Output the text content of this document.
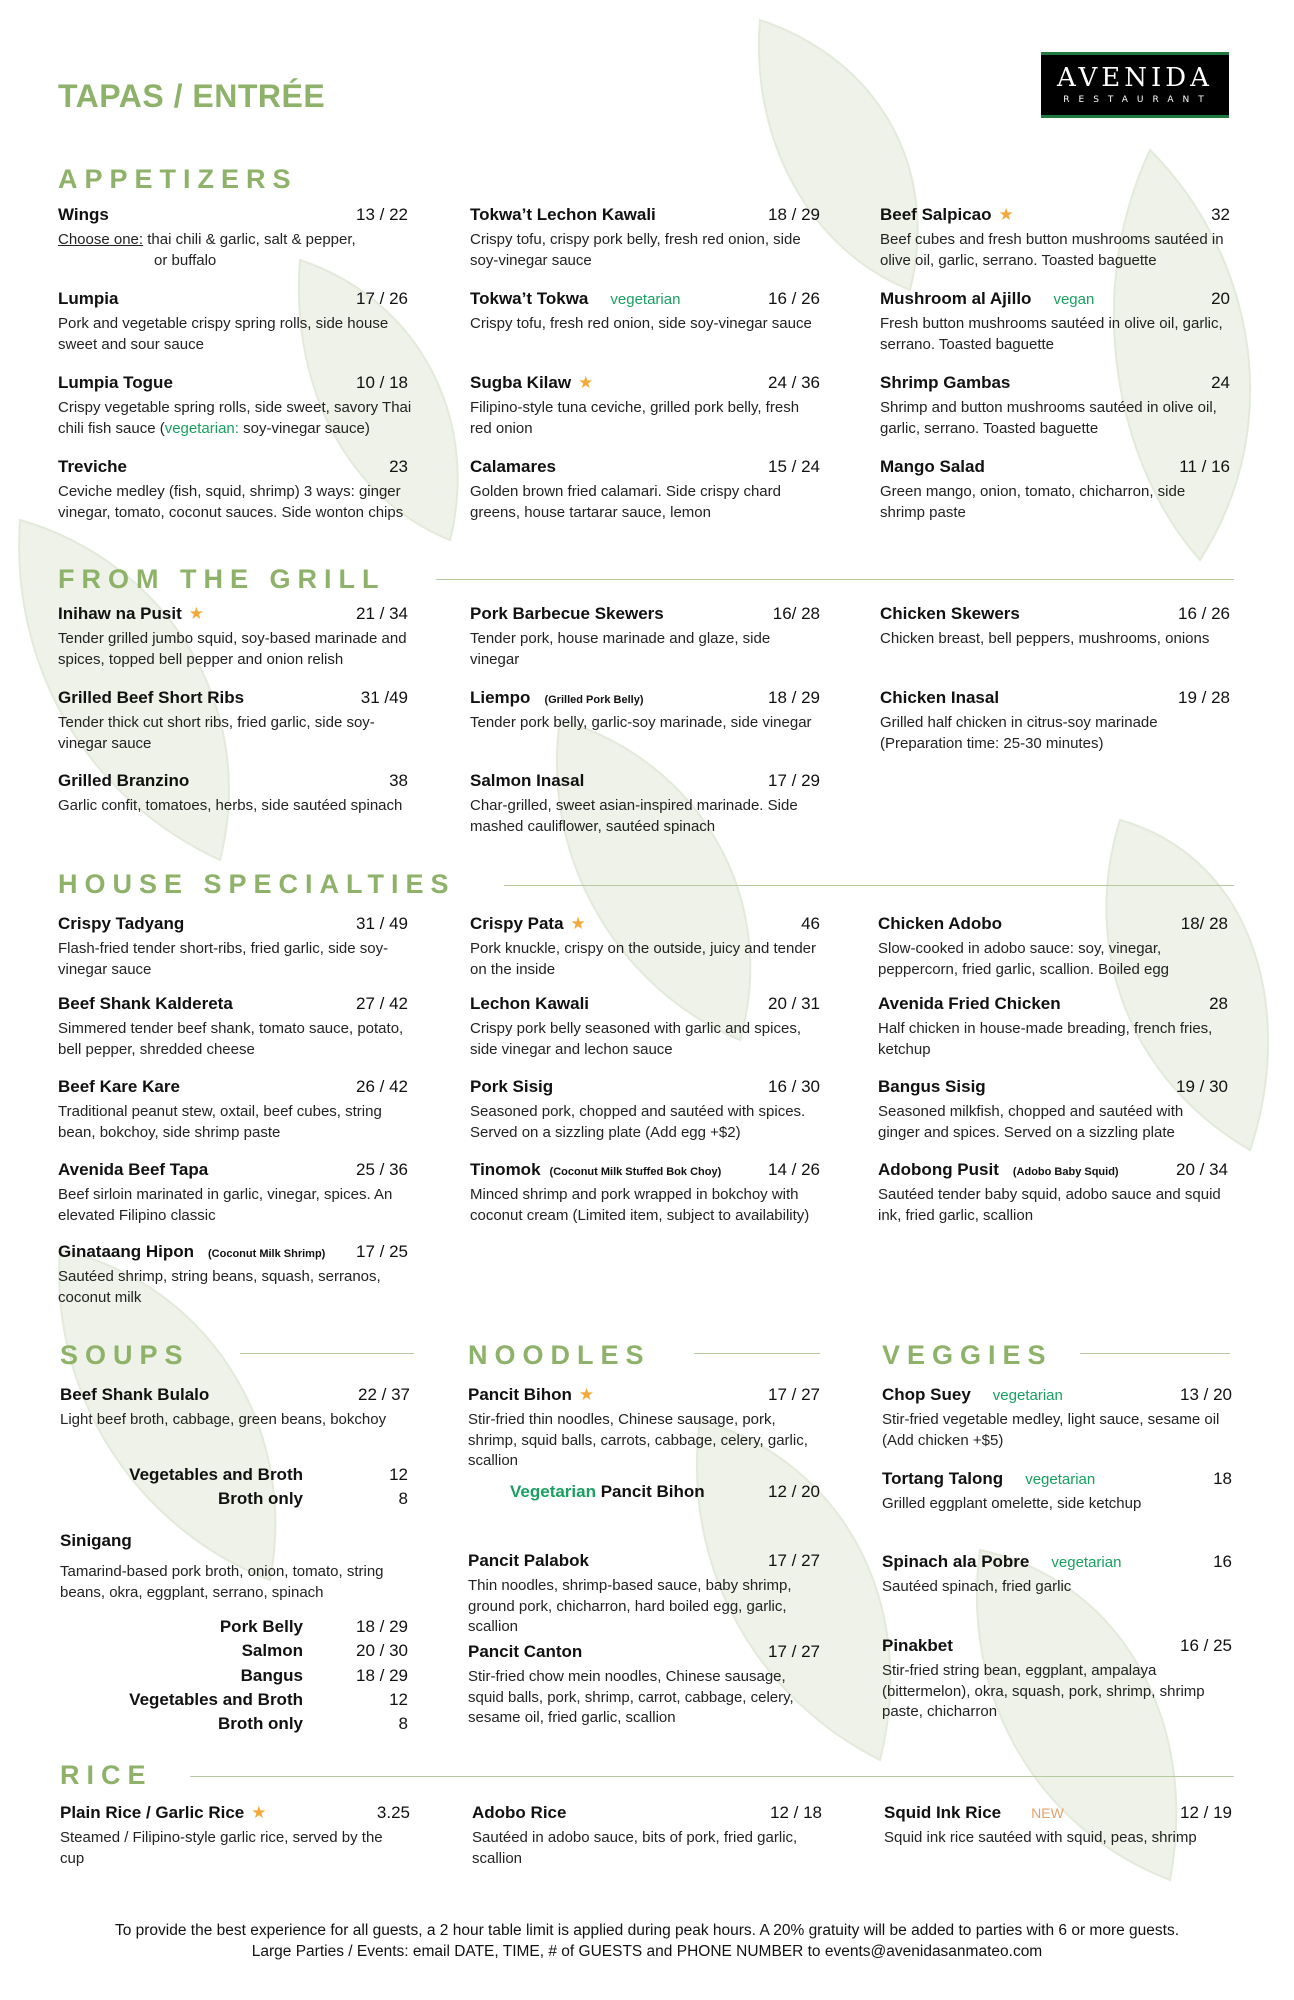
TAPAS / ENTRÉE	AVENIDA
RESTAURANT
APPETIZERS
Wings	13 / 22
Choose one: thai chili & garlic, salt & pepper,
or buffalo
Lumpia	17 / 26
Pork and vegetable crispy spring rolls, side house sweet and sour sauce
Lumpia Togue	10 / 18
Crispy vegetable spring rolls, side sweet, savory Thai chili fish sauce (vegetarian: soy-vinegar sauce)
Treviche	23
Ceviche medley (fish, squid, shrimp) 3 ways: ginger vinegar, tomato, coconut sauces. Side wonton chips
Tokwa’t Lechon Kawali	18 / 29
Crispy tofu, crispy pork belly, fresh red onion, side soy-vinegar sauce
Tokwa’t Tokwa vegetarian	16 / 26
Crispy tofu, fresh red onion, side soy-vinegar sauce
Sugba Kilaw ★	24 / 36
Filipino-style tuna ceviche, grilled pork belly, fresh red onion
Calamares	15 / 24
Golden brown fried calamari. Side crispy chard greens, house tartarar sauce, lemon
Beef Salpicao ★	32
Beef cubes and fresh button mushrooms sautéed in olive oil, garlic, serrano. Toasted baguette
Mushroom al Ajillo vegan	20
Fresh button mushrooms sautéed in olive oil, garlic, serrano. Toasted baguette
Shrimp Gambas	24
Shrimp and button mushrooms sautéed in olive oil, garlic, serrano. Toasted baguette
Mango Salad	11 / 16
Green mango, onion, tomato, chicharron, side shrimp paste
FROM THE GRILL
Inihaw na Pusit ★	21 / 34
Tender grilled jumbo squid, soy-based marinade and spices, topped bell pepper and onion relish
Grilled Beef Short Ribs	31 /49
Tender thick cut short ribs, fried garlic, side soy-vinegar sauce
Grilled Branzino	38
Garlic confit, tomatoes, herbs, side sautéed spinach
Pork Barbecue Skewers	16/ 28
Tender pork, house marinade and glaze, side vinegar
Liempo (Grilled Pork Belly)	18 / 29
Tender pork belly, garlic-soy marinade, side vinegar
Salmon Inasal	17 / 29
Char-grilled, sweet asian-inspired marinade. Side mashed cauliflower, sautéed spinach
Chicken Skewers	16 / 26
Chicken breast, bell peppers, mushrooms, onions
Chicken Inasal	19 / 28
Grilled half chicken in citrus-soy marinade (Preparation time: 25-30 minutes)
HOUSE SPECIALTIES
Crispy Tadyang	31 / 49
Flash-fried tender short-ribs, fried garlic, side soy-vinegar sauce
Beef Shank Kaldereta	27 / 42
Simmered tender beef shank, tomato sauce, potato, bell pepper, shredded cheese
Beef Kare Kare	26 / 42
Traditional peanut stew, oxtail, beef cubes, string bean, bokchoy, side shrimp paste
Avenida Beef Tapa	25 / 36
Beef sirloin marinated in garlic, vinegar, spices. An elevated Filipino classic
Ginataang Hipon (Coconut Milk Shrimp) 17 / 25
Sautéed shrimp, string beans, squash, serranos, coconut milk
Crispy Pata ★	46
Pork knuckle, crispy on the outside, juicy and tender on the inside
Lechon Kawali	20 / 31
Crispy pork belly seasoned with garlic and spices, side vinegar and lechon sauce
Pork Sisig	16 / 30
Seasoned pork, chopped and sautéed with spices. Served on a sizzling plate (Add egg +$2)
Tinomok (Coconut Milk Stuffed Bok Choy)	14 / 26
Minced shrimp and pork wrapped in bokchoy with coconut cream (Limited item, subject to availability)
Chicken Adobo	18/ 28
Slow-cooked in adobo sauce: soy, vinegar, peppercorn, fried garlic, scallion. Boiled egg
Avenida Fried Chicken	28
Half chicken in house-made breading, french fries, ketchup
Bangus Sisig	19 / 30
Seasoned milkfish, chopped and sautéed with ginger and spices. Served on a sizzling plate
Adobong Pusit (Adobo Baby Squid)	20 / 34
Sautéed tender baby squid, adobo sauce and squid ink, fried garlic, scallion
SOUPS	NOODLES	VEGGIES
Beef Shank Bulalo	22 / 37
Light beef broth, cabbage, green beans, bokchoy
Vegetables and Broth	12
Broth only	8
Sinigang
Tamarind-based pork broth, onion, tomato, string beans, okra, eggplant, serrano, spinach
Pork Belly	18 / 29
Salmon	20 / 30
Bangus	18 / 29
Vegetables and Broth	12
Broth only	8
Pancit Bihon ★	17 / 27
Stir-fried thin noodles, Chinese sausage, pork, shrimp, squid balls, carrots, cabbage, celery, garlic, scallion
Vegetarian Pancit Bihon	12 / 20
Pancit Palabok	17 / 27
Thin noodles, shrimp-based sauce, baby shrimp, ground pork, chicharron, hard boiled egg, garlic, scallion
Pancit Canton	17 / 27
Stir-fried chow mein noodles, Chinese sausage, squid balls, pork, shrimp, carrot, cabbage, celery, sesame oil, fried garlic, scallion
Chop Suey vegetarian	13 / 20
Stir-fried vegetable medley, light sauce, sesame oil (Add chicken +$5)
Tortang Talong vegetarian	18
Grilled eggplant omelette, side ketchup
Spinach ala Pobre vegetarian	16
Sautéed spinach, fried garlic
Pinakbet	16 / 25
Stir-fried string bean, eggplant, ampalaya (bittermelon), okra, squash, pork, shrimp, shrimp paste, chicharron
RICE
Plain Rice / Garlic Rice ★	3.25
Steamed / Filipino-style garlic rice, served by the cup
Adobo Rice	12 / 18
Sautéed in adobo sauce, bits of pork, fried garlic, scallion
Squid Ink Rice NEW	12 / 19
Squid ink rice sautéed with squid, peas, shrimp
To provide the best experience for all guests, a 2 hour table limit is applied during peak hours. A 20% gratuity will be added to parties with 6 or more guests.
Large Parties / Events: email DATE, TIME, # of GUESTS and PHONE NUMBER to events@avenidasanmateo.com
